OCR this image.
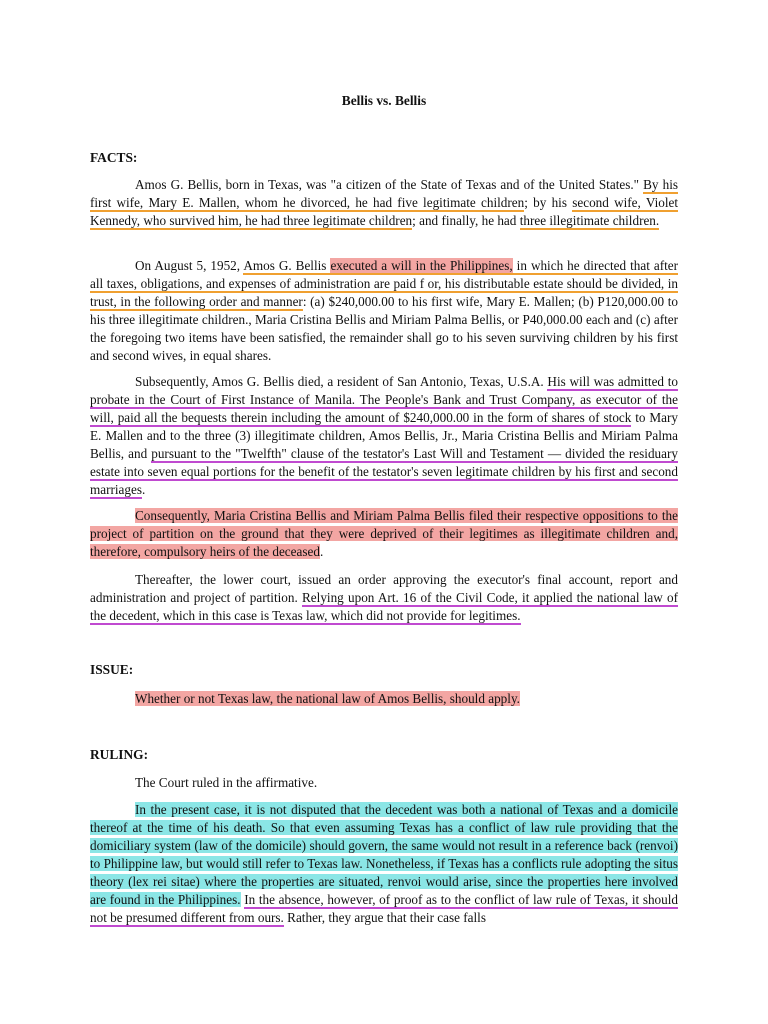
Bellis vs. Bellis
FACTS:

Amos G. Bellis, born in Texas, was "a citizen of the State of Texas and of the United States." By his first wife, Mary E. Mallen, whom he divorced, he had five legitimate children; by his second wife, Violet Kennedy, who survived him, he had three legitimate children; and finally, he had three illegitimate children.

On August 5, 1952, Amos G. Bellis executed a will in the Philippines, in which he directed that after all taxes, obligations, and expenses of administration are paid f or, his distributable estate should be divided, in trust, in the following order and manner: (a) $240,000.00 to his first wife, Mary E. Mallen; (b) P120,000.00 to his three illegitimate children., Maria Cristina Bellis and Miriam Palma Bellis, or P40,000.00 each and (c) after the foregoing two items have been satisfied, the remainder shall go to his seven surviving children by his first and second wives, in equal shares.

Subsequently, Amos G. Bellis died, a resident of San Antonio, Texas, U.S.A. His will was admitted to probate in the Court of First Instance of Manila. The People's Bank and Trust Company, as executor of the will, paid all the bequests therein including the amount of $240,000.00 in the form of shares of stock to Mary E. Mallen and to the three (3) illegitimate children, Amos Bellis, Jr., Maria Cristina Bellis and Miriam Palma Bellis, and pursuant to the "Twelfth" clause of the testator's Last Will and Testament — divided the residuary estate into seven equal portions for the benefit of the testator's seven legitimate children by his first and second marriages.

Consequently, Maria Cristina Bellis and Miriam Palma Bellis filed their respective oppositions to the project of partition on the ground that they were deprived of their legitimes as illegitimate children and, therefore, compulsory heirs of the deceased.

Thereafter, the lower court, issued an order approving the executor's final account, report and administration and project of partition. Relying upon Art. 16 of the Civil Code, it applied the national law of the decedent, which in this case is Texas law, which did not provide for legitimes.

ISSUE:

Whether or not Texas law, the national law of Amos Bellis, should apply.

RULING:

The Court ruled in the affirmative.

In the present case, it is not disputed that the decedent was both a national of Texas and a domicile thereof at the time of his death. So that even assuming Texas has a conflict of law rule providing that the domiciliary system (law of the domicile) should govern, the same would not result in a reference back (renvoi) to Philippine law, but would still refer to Texas law. Nonetheless, if Texas has a conflicts rule adopting the situs theory (lex rei sitae) where the properties are situated, renvoi would arise, since the properties here involved are found in the Philippines. In the absence, however, of proof as to the conflict of law rule of Texas, it should not be presumed different from ours. Rather, they argue that their case falls
